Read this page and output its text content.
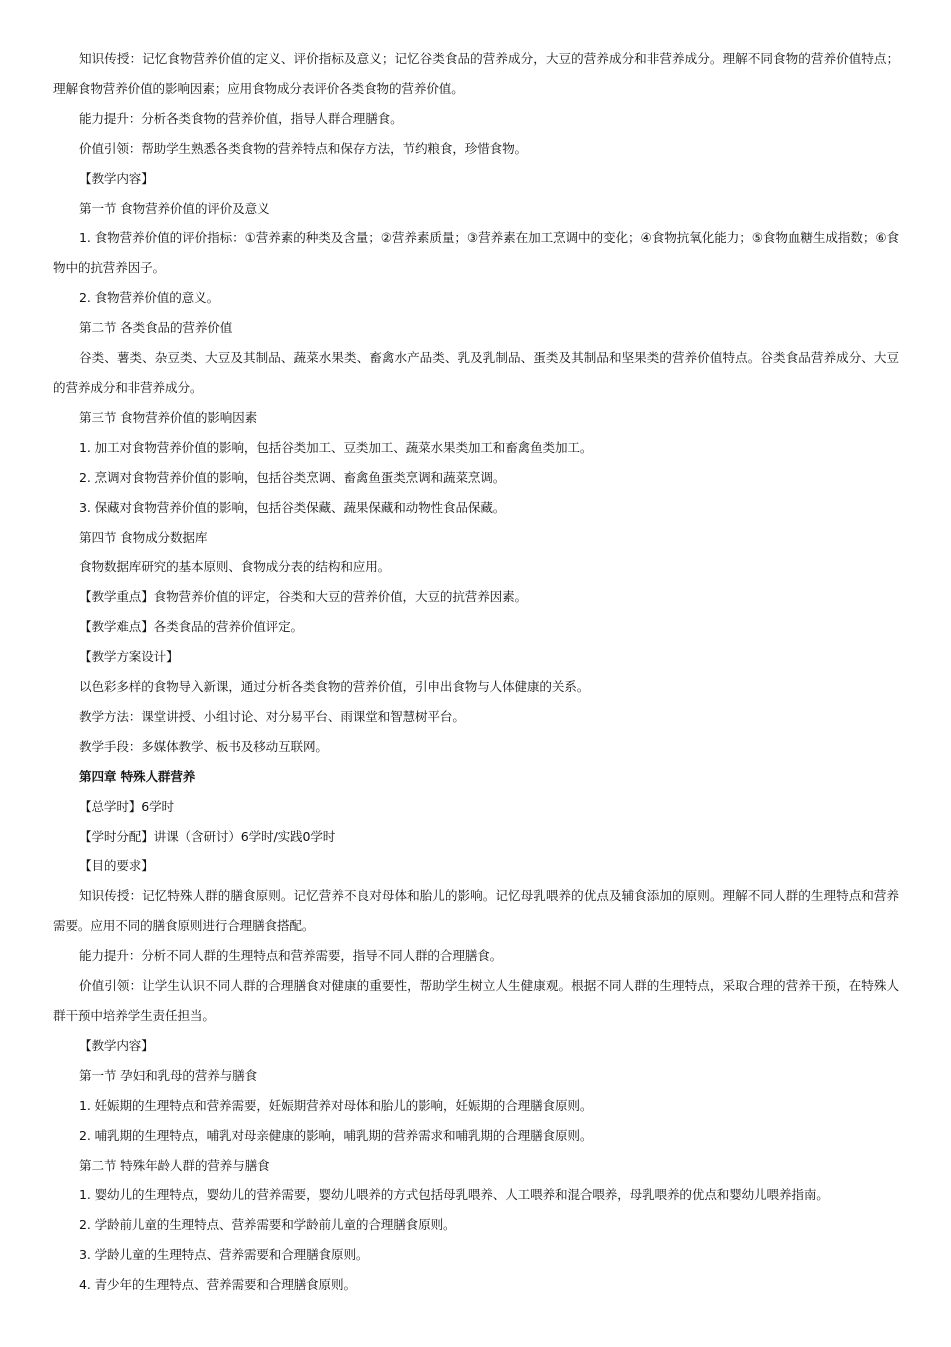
知识传授：记忆食物营养价值的定义、评价指标及意义；记忆谷类食品的营养成分，大豆的营养成分和非营养成分。理解不同食物的营养价值特点；理解食物营养价值的影响因素；应用食物成分表评价各类食物的营养价值。

能力提升：分析各类食物的营养价值，指导人群合理膳食。

价值引领：帮助学生熟悉各类食物的营养特点和保存方法，节约粮食，珍惜食物。

【教学内容】

第一节 食物营养价值的评价及意义

1. 食物营养价值的评价指标：①营养素的种类及含量；②营养素质量；③营养素在加工烹调中的变化；④食物抗氧化能力；⑤食物血糖生成指数；⑥食物中的抗营养因子。

2. 食物营养价值的意义。

第二节 各类食品的营养价值

谷类、薯类、杂豆类、大豆及其制品、蔬菜水果类、畜禽水产品类、乳及乳制品、蛋类及其制品和坚果类的营养价值特点。谷类食品营养成分、大豆的营养成分和非营养成分。

第三节 食物营养价值的影响因素

1. 加工对食物营养价值的影响，包括谷类加工、豆类加工、蔬菜水果类加工和畜禽鱼类加工。

2. 烹调对食物营养价值的影响，包括谷类烹调、畜禽鱼蛋类烹调和蔬菜烹调。

3. 保藏对食物营养价值的影响，包括谷类保藏、蔬果保藏和动物性食品保藏。

第四节 食物成分数据库

食物数据库研究的基本原则、食物成分表的结构和应用。

【教学重点】食物营养价值的评定，谷类和大豆的营养价值，大豆的抗营养因素。

【教学难点】各类食品的营养价值评定。

【教学方案设计】

以色彩多样的食物导入新课，通过分析各类食物的营养价值，引申出食物与人体健康的关系。

教学方法：课堂讲授、小组讨论、对分易平台、雨课堂和智慧树平台。

教学手段：多媒体教学、板书及移动互联网。

第四章 特殊人群营养

【总学时】6学时

【学时分配】讲课（含研讨）6学时/实践0学时

【目的要求】

知识传授：记忆特殊人群的膳食原则。记忆营养不良对母体和胎儿的影响。记忆母乳喂养的优点及辅食添加的原则。理解不同人群的生理特点和营养需要。应用不同的膳食原则进行合理膳食搭配。

能力提升：分析不同人群的生理特点和营养需要，指导不同人群的合理膳食。

价值引领：让学生认识不同人群的合理膳食对健康的重要性，帮助学生树立人生健康观。根据不同人群的生理特点，采取合理的营养干预，在特殊人群干预中培养学生责任担当。

【教学内容】

第一节 孕妇和乳母的营养与膳食

1. 妊娠期的生理特点和营养需要，妊娠期营养对母体和胎儿的影响，妊娠期的合理膳食原则。

2. 哺乳期的生理特点，哺乳对母亲健康的影响，哺乳期的营养需求和哺乳期的合理膳食原则。

第二节 特殊年龄人群的营养与膳食

1. 婴幼儿的生理特点，婴幼儿的营养需要，婴幼儿喂养的方式包括母乳喂养、人工喂养和混合喂养，母乳喂养的优点和婴幼儿喂养指南。

2. 学龄前儿童的生理特点、营养需要和学龄前儿童的合理膳食原则。

3. 学龄儿童的生理特点、营养需要和合理膳食原则。

4. 青少年的生理特点、营养需要和合理膳食原则。
